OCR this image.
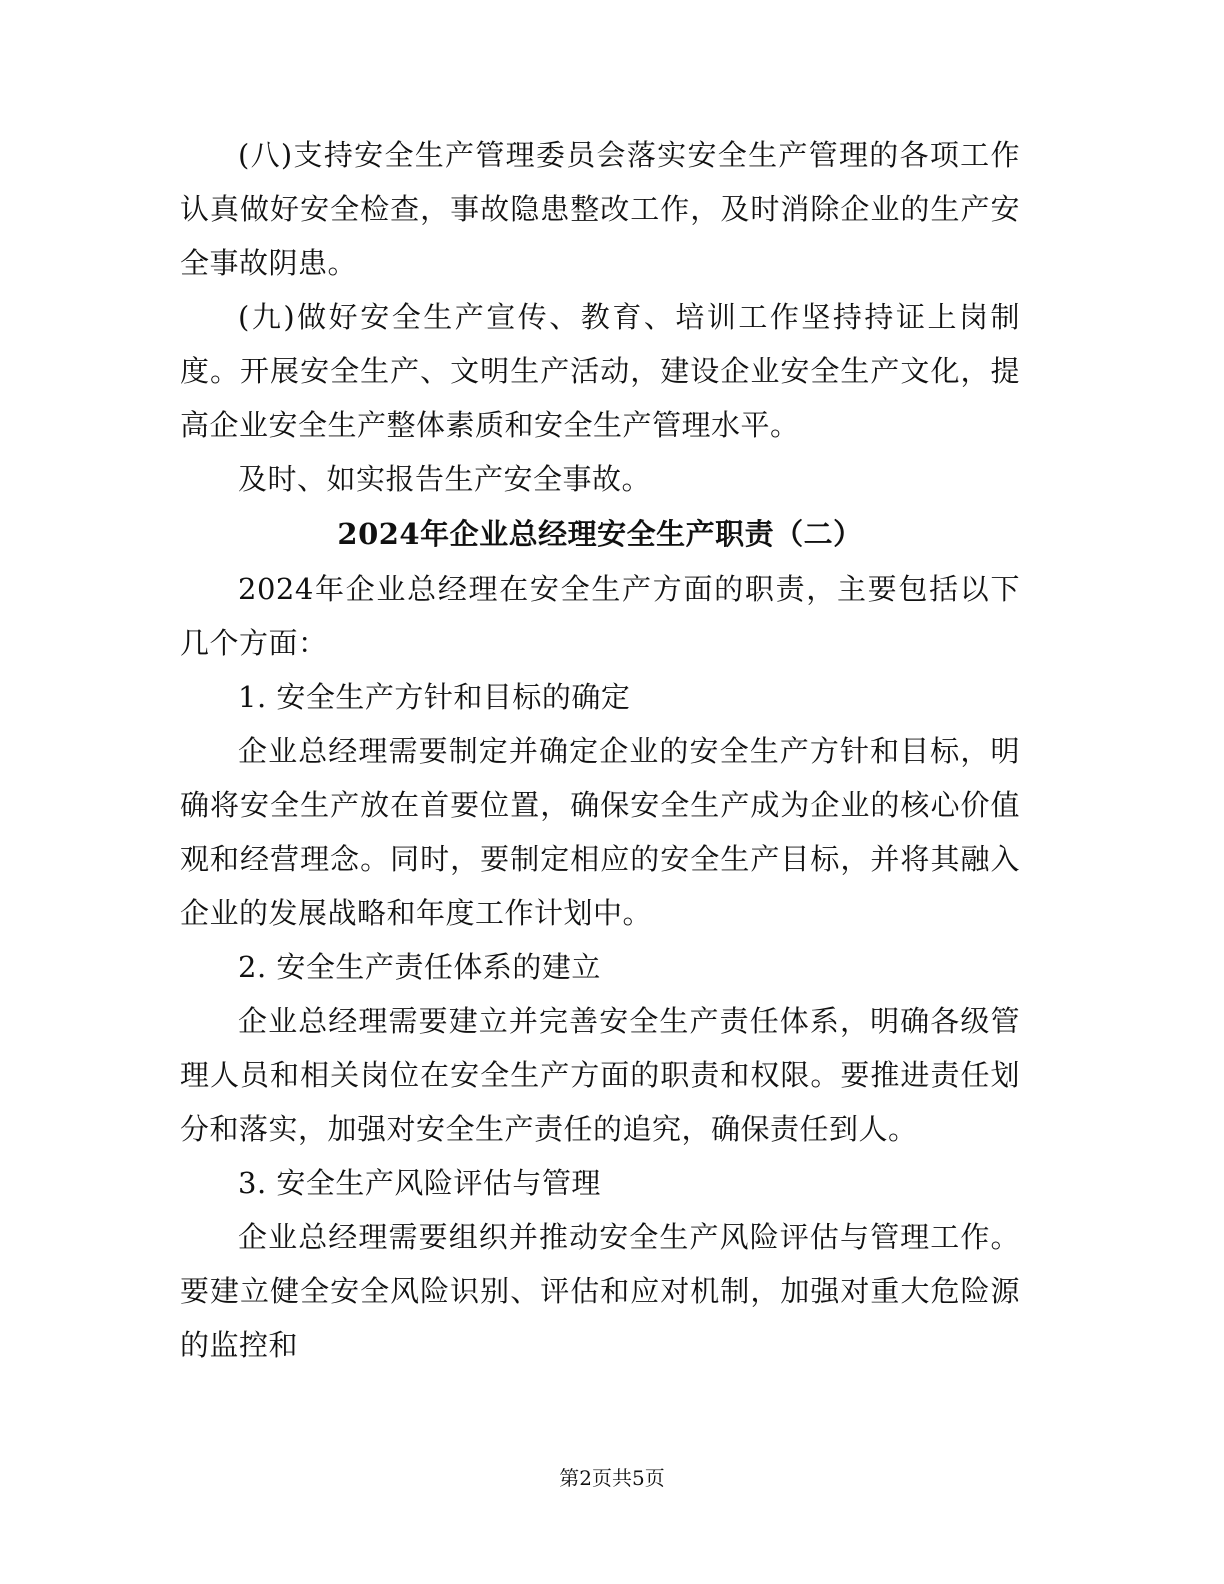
(八)支持安全生产管理委员会落实安全生产管理的各项工作认真做好安全检查，事故隐患整改工作，及时消除企业的生产安全事故阴患。

(九)做好安全生产宣传、教育、培训工作坚持持证上岗制度。开展安全生产、文明生产活动，建设企业安全生产文化，提高企业安全生产整体素质和安全生产管理水平。

及时、如实报告生产安全事故。

2024年企业总经理安全生产职责（二）

2024年企业总经理在安全生产方面的职责，主要包括以下几个方面：

1. 安全生产方针和目标的确定

企业总经理需要制定并确定企业的安全生产方针和目标，明确将安全生产放在首要位置，确保安全生产成为企业的核心价值观和经营理念。同时，要制定相应的安全生产目标，并将其融入企业的发展战略和年度工作计划中。

2. 安全生产责任体系的建立

企业总经理需要建立并完善安全生产责任体系，明确各级管理人员和相关岗位在安全生产方面的职责和权限。要推进责任划分和落实，加强对安全生产责任的追究，确保责任到人。

3. 安全生产风险评估与管理

企业总经理需要组织并推动安全生产风险评估与管理工作。要建立健全安全风险识别、评估和应对机制，加强对重大危险源的监控和

第2页共5页
